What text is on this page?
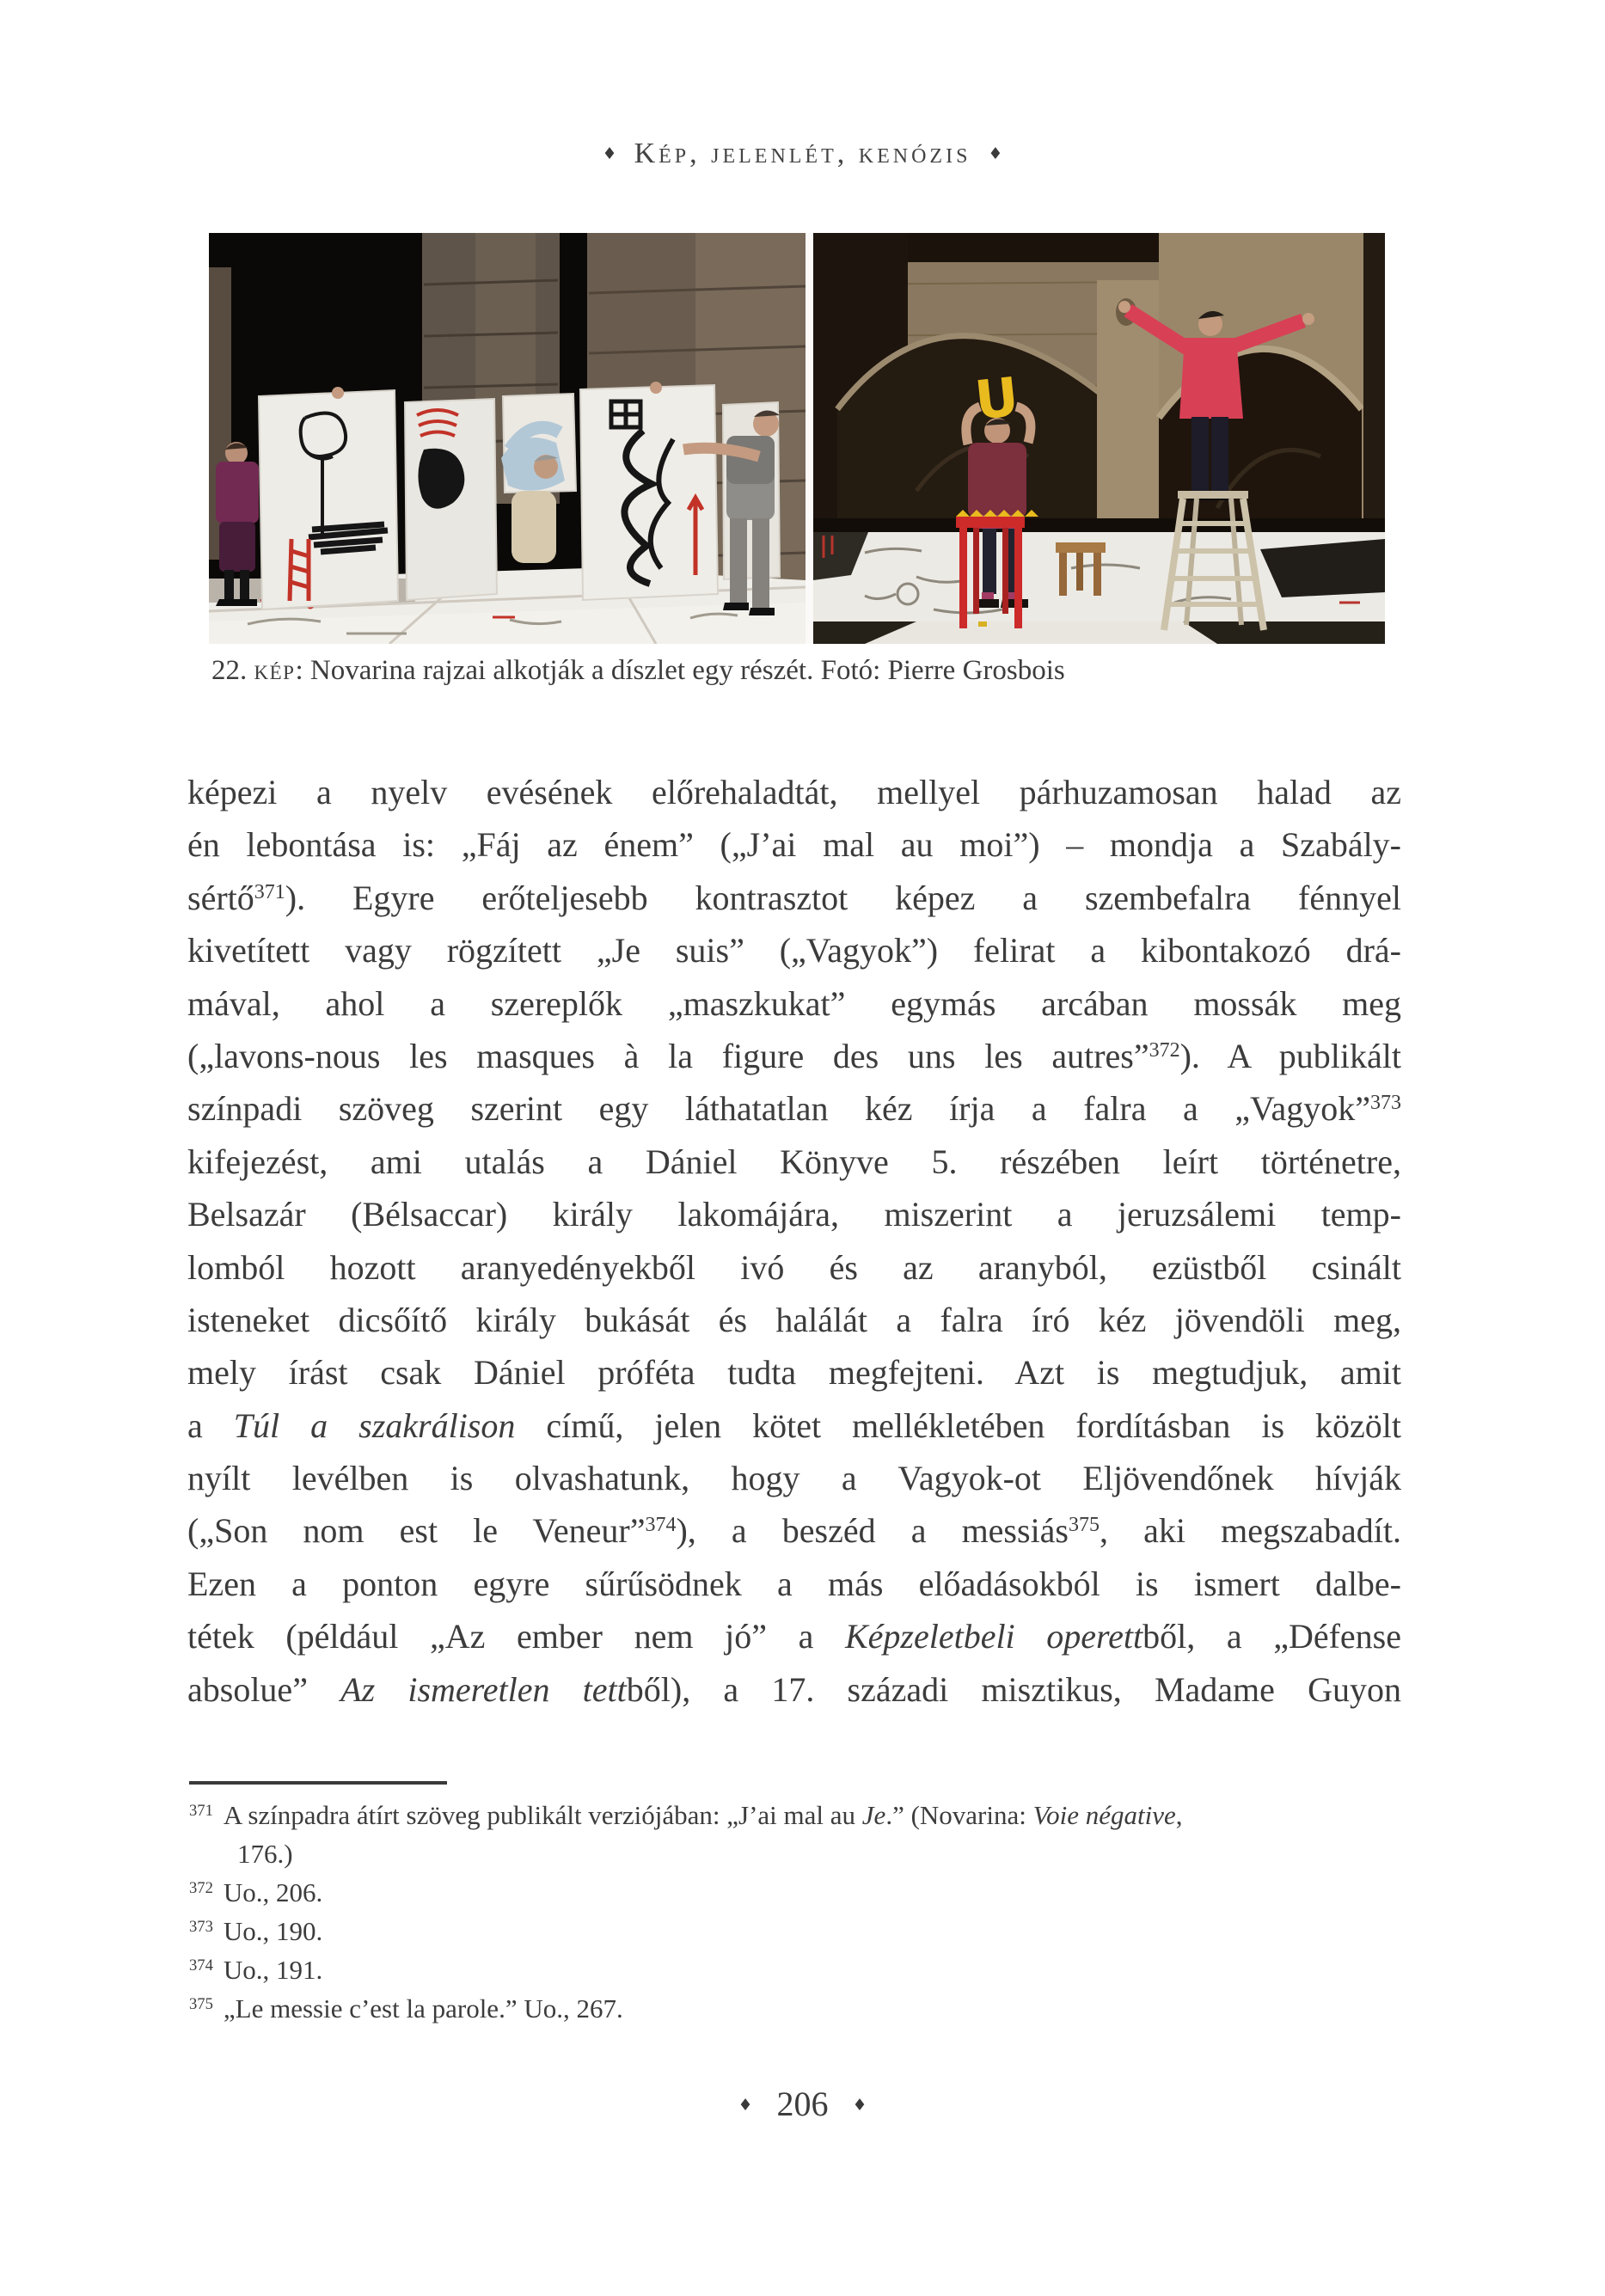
♦ Kép, jelenlét, kenózis ♦
U
22. kép: Novarina rajzai alkotják a díszlet egy részét. Fotó: Pierre Grosbois
képezi a nyelv evésének előrehaladtát, mellyel párhuzamosan halad az
én lebontása is: „Fáj az énem” („J’ai mal au moi”) – mondja a Szabály-
sértő$^{371}$). Egyre erőteljesebb kontrasztot képez a szembefalra fénnyel
kivetített vagy rögzített „Je suis” („Vagyok”) felirat a kibontakozó drá-
mával, ahol a szereplők „maszkukat” egymás arcában mossák meg
(„lavons-nous les masques à la figure des uns les autres”$^{372}$). A publikált
színpadi szöveg szerint egy láthatatlan kéz írja a falra a „Vagyok”$^{373}$
kifejezést, ami utalás a Dániel Könyve 5. részében leírt történetre,
Belsazár (Bélsaccar) király lakomájára, miszerint a jeruzsálemi temp-
lomból hozott aranyedényekből ivó és az aranyból, ezüstből csinált
isteneket dicsőítő király bukását és halálát a falra író kéz jövendöli meg,
mely írást csak Dániel próféta tudta megfejteni. Azt is megtudjuk, amit
a Túl a szakrálison című, jelen kötet mellékletében fordításban is közölt
nyílt levélben is olvashatunk, hogy a Vagyok-ot Eljövendőnek hívják
(„Son nom est le Veneur”$^{374}$), a beszéd a messiás$^{375}$, aki megszabadít.
Ezen a ponton egyre sűrűsödnek a más előadásokból is ismert dalbe-
tétek (például „Az ember nem jó” a Képzeletbeli operettből, a „Défense
absolue” Az ismeretlen tettből), a 17. századi misztikus, Madame Guyon
$^{371}$ A színpadra átírt szöveg publikált verziójában: „J’ai mal au Je.” (Novarina: Voie négative,
176.)
$^{372}$ Uo., 206.
$^{373}$ Uo., 190.
$^{374}$ Uo., 191.
$^{375}$ „Le messie c’est la parole.” Uo., 267.
♦ 206 ♦
